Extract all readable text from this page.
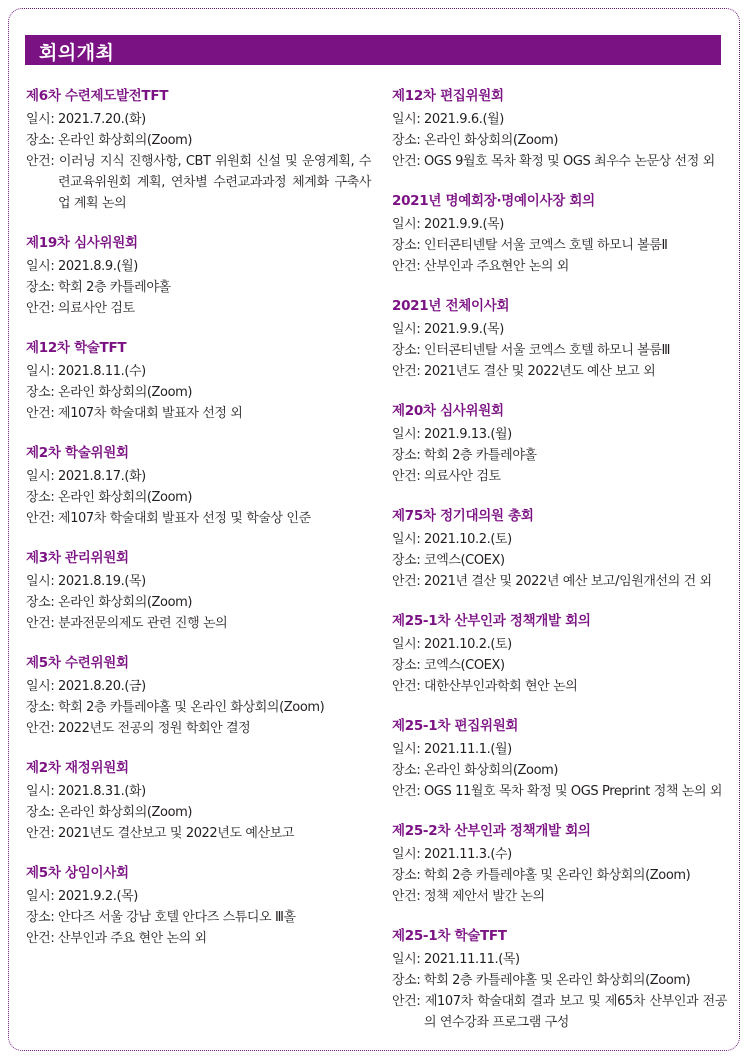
회의개최
제6차 수련제도발전TFT
일시: 2021.7.20.(화)
장소: 온라인 화상회의(Zoom)
안건: 이러닝 지식 진행사항, CBT 위원회 신설 및 운영계획, 수련교육위원회 계획, 연차별 수련교과과정 체계화 구축사업 계획 논의
제19차 심사위원회
일시: 2021.8.9.(월)
장소: 학회 2층 카틀레야홀
안건: 의료사안 검토
제12차 학술TFT
일시: 2021.8.11.(수)
장소: 온라인 화상회의(Zoom)
안건: 제107차 학술대회 발표자 선정 외
제2차 학술위원회
일시: 2021.8.17.(화)
장소: 온라인 화상회의(Zoom)
안건: 제107차 학술대회 발표자 선정 및 학술상 인준
제3차 관리위원회
일시: 2021.8.19.(목)
장소: 온라인 화상회의(Zoom)
안건: 분과전문의제도 관련 진행 논의
제5차 수련위원회
일시: 2021.8.20.(금)
장소: 학회 2층 카틀레야홀 및 온라인 화상회의(Zoom)
안건: 2022년도 전공의 정원 학회안 결정
제2차 재정위원회
일시: 2021.8.31.(화)
장소: 온라인 화상회의(Zoom)
안건: 2021년도 결산보고 및 2022년도 예산보고
제5차 상임이사회
일시: 2021.9.2.(목)
장소: 안다즈 서울 강남 호텔 안다즈 스튜디오 Ⅲ홀
안건: 산부인과 주요 현안 논의 외
제12차 편집위원회
일시: 2021.9.6.(월)
장소: 온라인 화상회의(Zoom)
안건: OGS 9월호 목차 확정 및 OGS 최우수 논문상 선정 외
2021년 명예회장·명예이사장 회의
일시: 2021.9.9.(목)
장소: 인터콘티넨탈 서울 코엑스 호텔 하모니 볼룸Ⅱ
안건: 산부인과 주요현안 논의 외
2021년 전체이사회
일시: 2021.9.9.(목)
장소: 인터콘티넨탈 서울 코엑스 호텔 하모니 볼룸Ⅲ
안건: 2021년도 결산 및 2022년도 예산 보고 외
제20차 심사위원회
일시: 2021.9.13.(월)
장소: 학회 2층 카틀레야홀
안건: 의료사안 검토
제75차 정기대의원 총회
일시: 2021.10.2.(토)
장소: 코엑스(COEX)
안건: 2021년 결산 및 2022년 예산 보고/임원개선의 건 외
제25-1차 산부인과 정책개발 회의
일시: 2021.10.2.(토)
장소: 코엑스(COEX)
안건: 대한산부인과학회 현안 논의
제25-1차 편집위원회
일시: 2021.11.1.(월)
장소: 온라인 화상회의(Zoom)
안건: OGS 11월호 목차 확정 및 OGS Preprint 정책 논의 외
제25-2차 산부인과 정책개발 회의
일시: 2021.11.3.(수)
장소: 학회 2층 카틀레야홀 및 온라인 화상회의(Zoom)
안건: 정책 제안서 발간 논의
제25-1차 학술TFT
일시: 2021.11.11.(목)
장소: 학회 2층 카틀레야홀 및 온라인 화상회의(Zoom)
안건: 제107차 학술대회 결과 보고 및 제65차 산부인과 전공의 연수강좌 프로그램 구성
